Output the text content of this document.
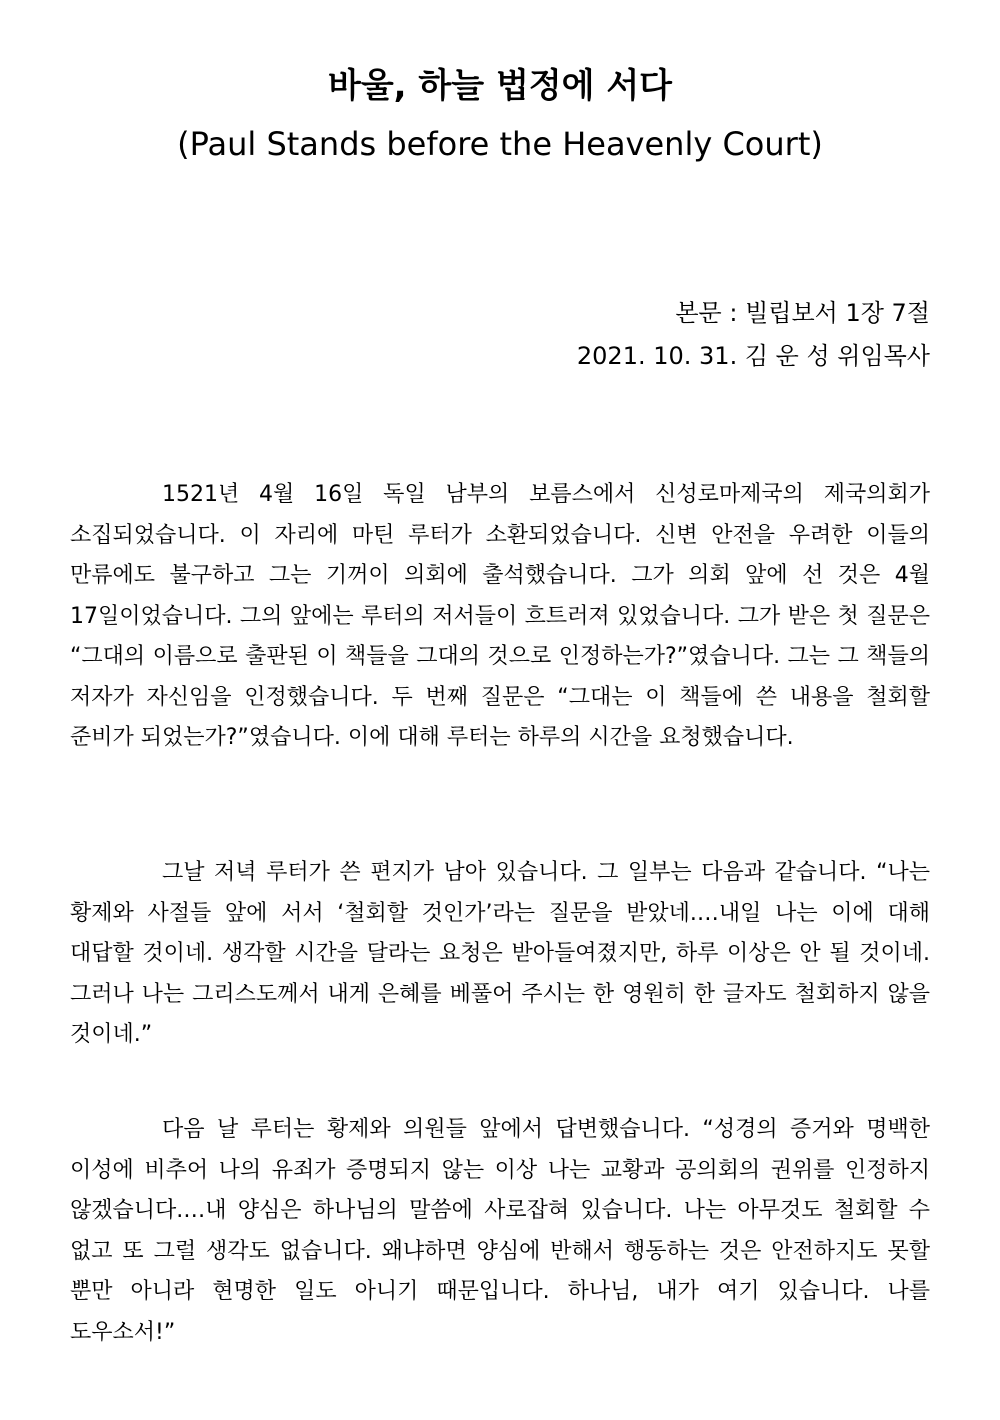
바울, 하늘 법정에 서다
(Paul Stands before the Heavenly Court)

본문 : 빌립보서 1장 7절

2021. 10. 31. 김 운 성 위임목사

1521년 4월 16일 독일 남부의 보름스에서 신성로마제국의 제국의회가 소집되었습니다. 이 자리에 마틴 루터가 소환되었습니다. 신변 안전을 우려한 이들의 만류에도 불구하고 그는 기꺼이 의회에 출석했습니다. 그가 의회 앞에 선 것은 4월 17일이었습니다. 그의 앞에는 루터의 저서들이 흐트러져 있었습니다. 그가 받은 첫 질문은 “그대의 이름으로 출판된 이 책들을 그대의 것으로 인정하는가?”였습니다. 그는 그 책들의 저자가 자신임을 인정했습니다. 두 번째 질문은 “그대는 이 책들에 쓴 내용을 철회할 준비가 되었는가?”였습니다. 이에 대해 루터는 하루의 시간을 요청했습니다.

그날 저녁 루터가 쓴 편지가 남아 있습니다. 그 일부는 다음과 같습니다. “나는 황제와 사절들 앞에 서서 ‘철회할 것인가’라는 질문을 받았네.…내일 나는 이에 대해 대답할 것이네. 생각할 시간을 달라는 요청은 받아들여졌지만, 하루 이상은 안 될 것이네. 그러나 나는 그리스도께서 내게 은혜를 베풀어 주시는 한 영원히 한 글자도 철회하지 않을 것이네.”

다음 날 루터는 황제와 의원들 앞에서 답변했습니다. “성경의 증거와 명백한 이성에 비추어 나의 유죄가 증명되지 않는 이상 나는 교황과 공의회의 권위를 인정하지 않겠습니다.…내 양심은 하나님의 말씀에 사로잡혀 있습니다. 나는 아무것도 철회할 수 없고 또 그럴 생각도 없습니다. 왜냐하면 양심에 반해서 행동하는 것은 안전하지도 못할 뿐만 아니라 현명한 일도 아니기 때문입니다. 하나님, 내가 여기 있습니다. 나를 도우소서!”
